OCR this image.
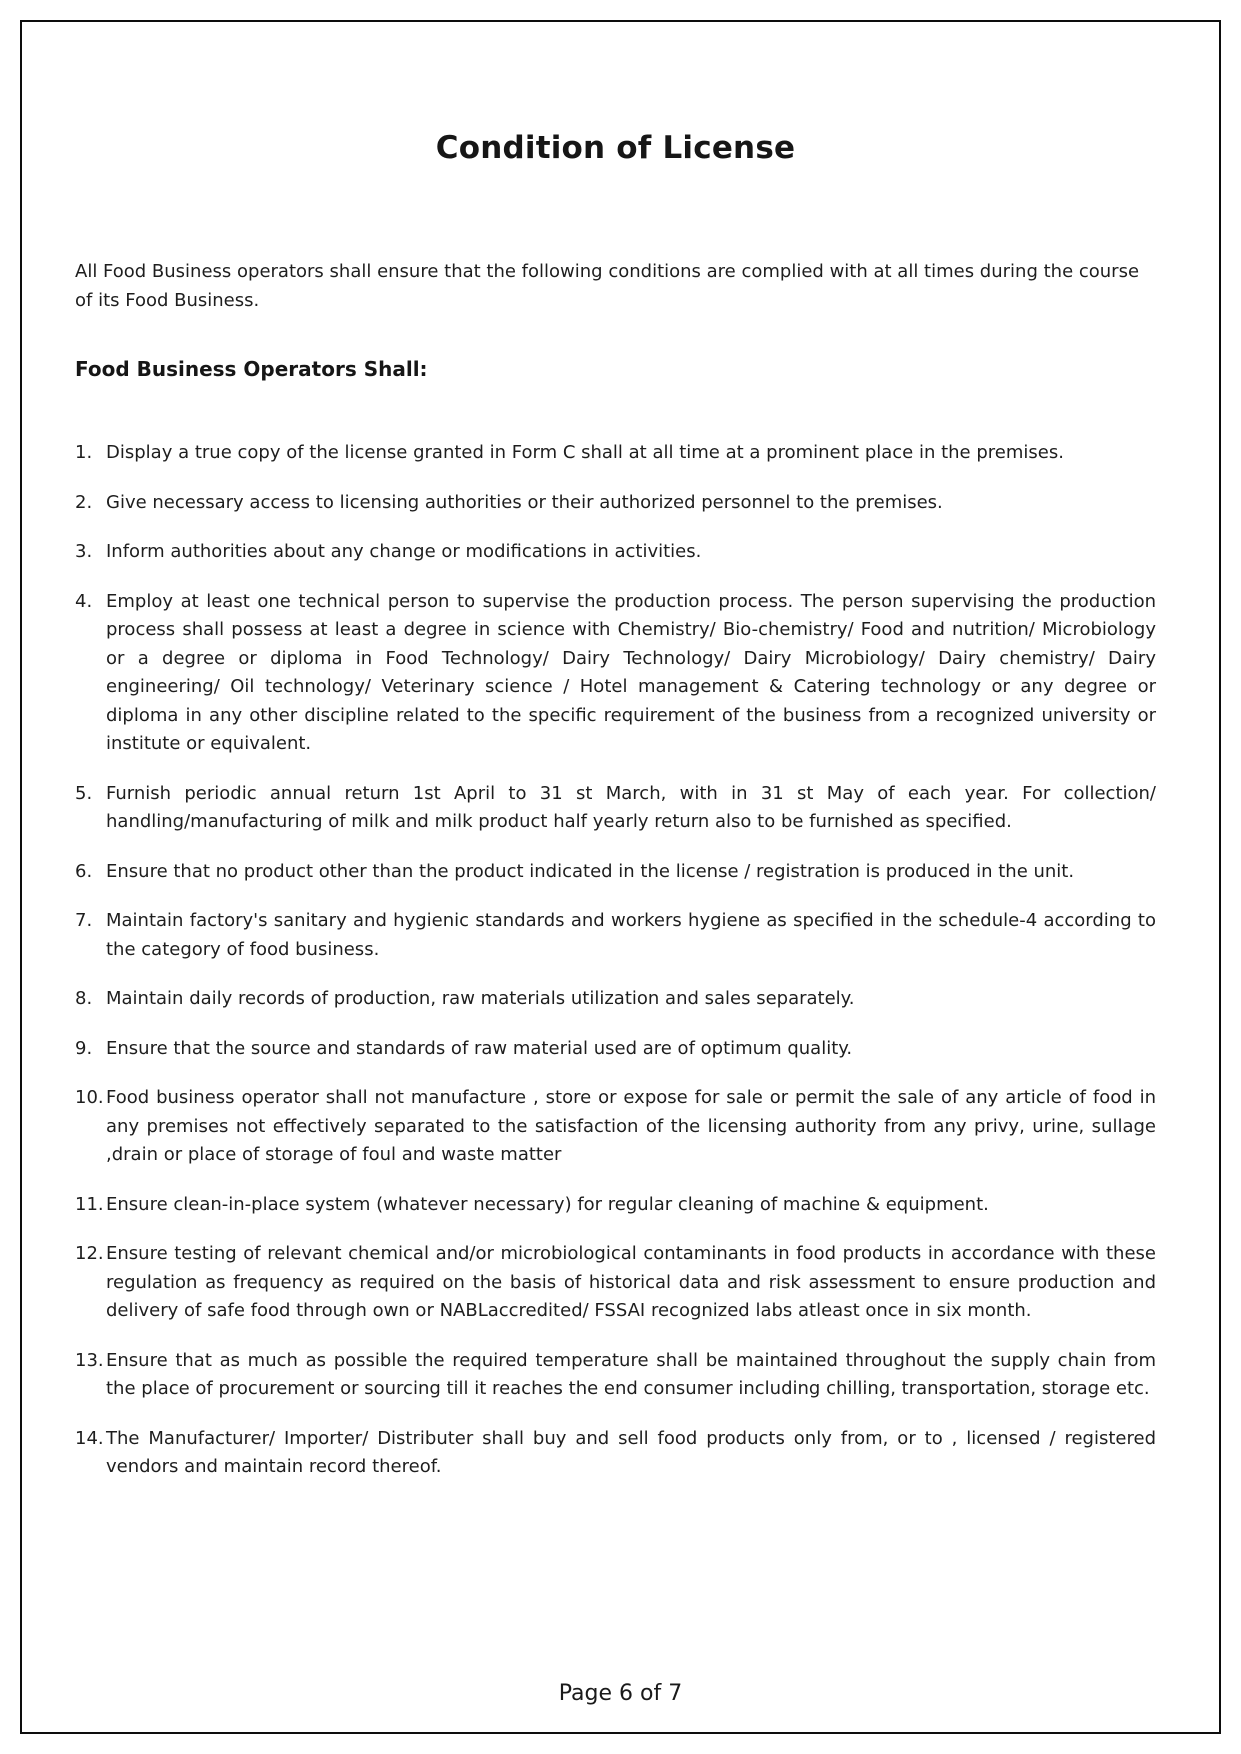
Condition of License

All Food Business operators shall ensure that the following conditions are complied with at all times during the course of its Food Business.

Food Business Operators Shall:
1. Display a true copy of the license granted in Form C shall at all time at a prominent place in the premises.
2. Give necessary access to licensing authorities or their authorized personnel to the premises.
3. Inform authorities about any change or modifications in activities.
4. Employ at least one technical person to supervise the production process. The person supervising the production process shall possess at least a degree in science with Chemistry/ Bio-chemistry/ Food and nutrition/ Microbiology or a degree or diploma in Food Technology/ Dairy Technology/ Dairy Microbiology/ Dairy chemistry/ Dairy engineering/ Oil technology/ Veterinary science / Hotel management & Catering technology or any degree or diploma in any other discipline related to the specific requirement of the business from a recognized university or institute or equivalent.
5. Furnish periodic annual return 1st April to 31 st March, with in 31 st May of each year. For collection/ handling/manufacturing of milk and milk product half yearly return also to be furnished as specified.
6. Ensure that no product other than the product indicated in the license / registration is produced in the unit.
7. Maintain factory's sanitary and hygienic standards and workers hygiene as specified in the schedule-4 according to the category of food business.
8. Maintain daily records of production, raw materials utilization and sales separately.
9. Ensure that the source and standards of raw material used are of optimum quality.
10. Food business operator shall not manufacture , store or expose for sale or permit the sale of any article of food in any premises not effectively separated to the satisfaction of the licensing authority from any privy, urine, sullage ,drain or place of storage of foul and waste matter
11. Ensure clean-in-place system (whatever necessary) for regular cleaning of machine & equipment.
12. Ensure testing of relevant chemical and/or microbiological contaminants in food products in accordance with these regulation as frequency as required on the basis of historical data and risk assessment to ensure production and delivery of safe food through own or NABLaccredited/ FSSAI recognized labs atleast once in six month.
13. Ensure that as much as possible the required temperature shall be maintained throughout the supply chain from the place of procurement or sourcing till it reaches the end consumer including chilling, transportation, storage etc.
14. The Manufacturer/ Importer/ Distributer shall buy and sell food products only from, or to , licensed / registered vendors and maintain record thereof.
Page 6 of 7
